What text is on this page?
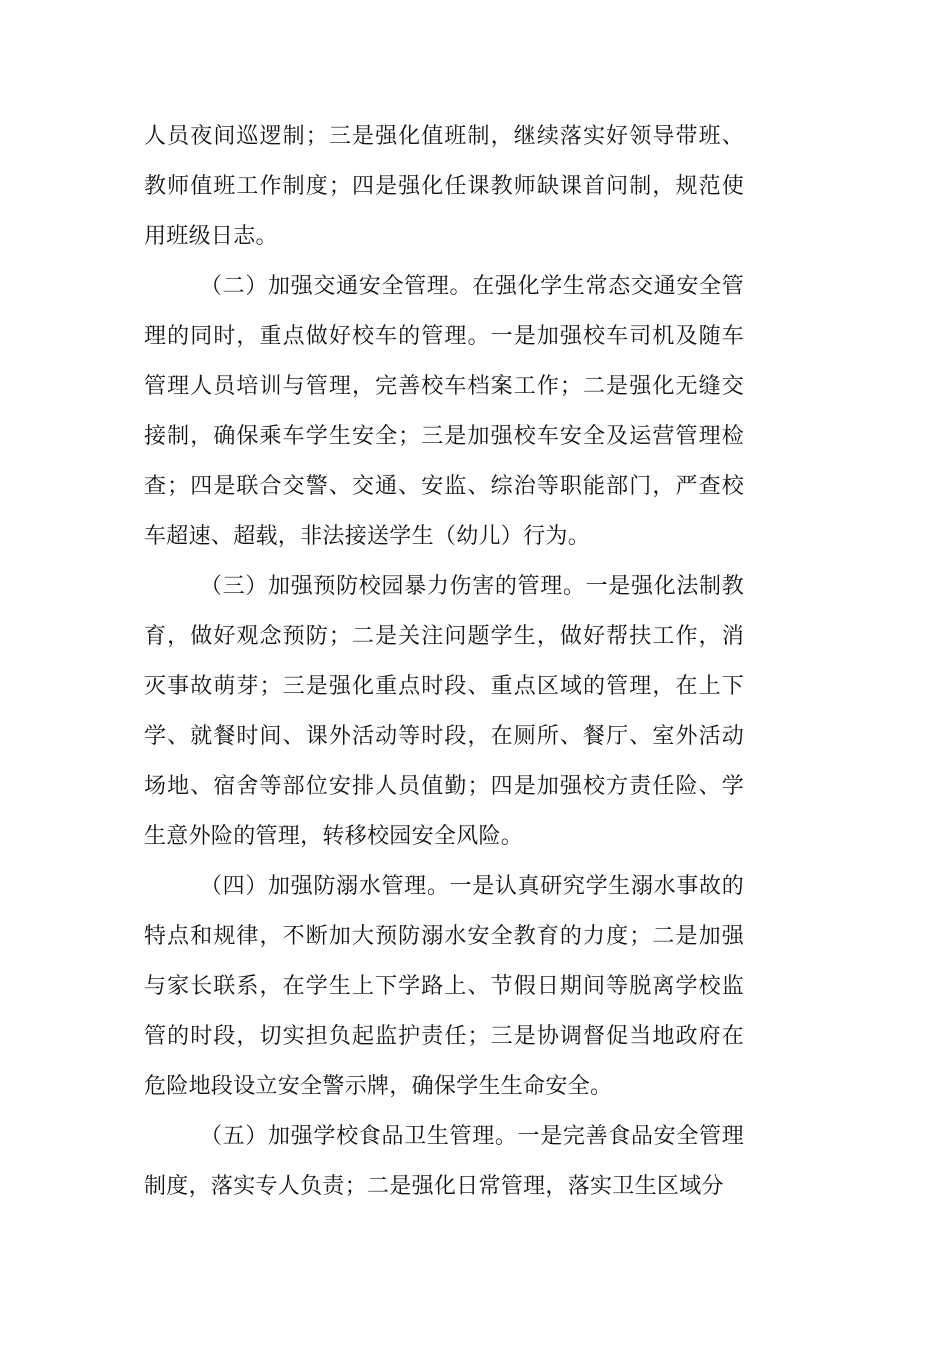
人员夜间巡逻制；三是强化值班制，继续落实好领导带班、教师值班工作制度；四是强化任课教师缺课首问制，规范使用班级日志。

（二）加强交通安全管理。在强化学生常态交通安全管理的同时，重点做好校车的管理。一是加强校车司机及随车管理人员培训与管理，完善校车档案工作；二是强化无缝交接制，确保乘车学生安全；三是加强校车安全及运营管理检查；四是联合交警、交通、安监、综治等职能部门，严查校车超速、超载，非法接送学生（幼儿）行为。

（三）加强预防校园暴力伤害的管理。一是强化法制教育，做好观念预防；二是关注问题学生，做好帮扶工作，消灭事故萌芽；三是强化重点时段、重点区域的管理，在上下学、就餐时间、课外活动等时段，在厕所、餐厅、室外活动场地、宿舍等部位安排人员值勤；四是加强校方责任险、学生意外险的管理，转移校园安全风险。

（四）加强防溺水管理。一是认真研究学生溺水事故的特点和规律，不断加大预防溺水安全教育的力度；二是加强与家长联系，在学生上下学路上、节假日期间等脱离学校监管的时段，切实担负起监护责任；三是协调督促当地政府在危险地段设立安全警示牌，确保学生生命安全。

（五）加强学校食品卫生管理。一是完善食品安全管理制度，落实专人负责；二是强化日常管理，落实卫生区域分
